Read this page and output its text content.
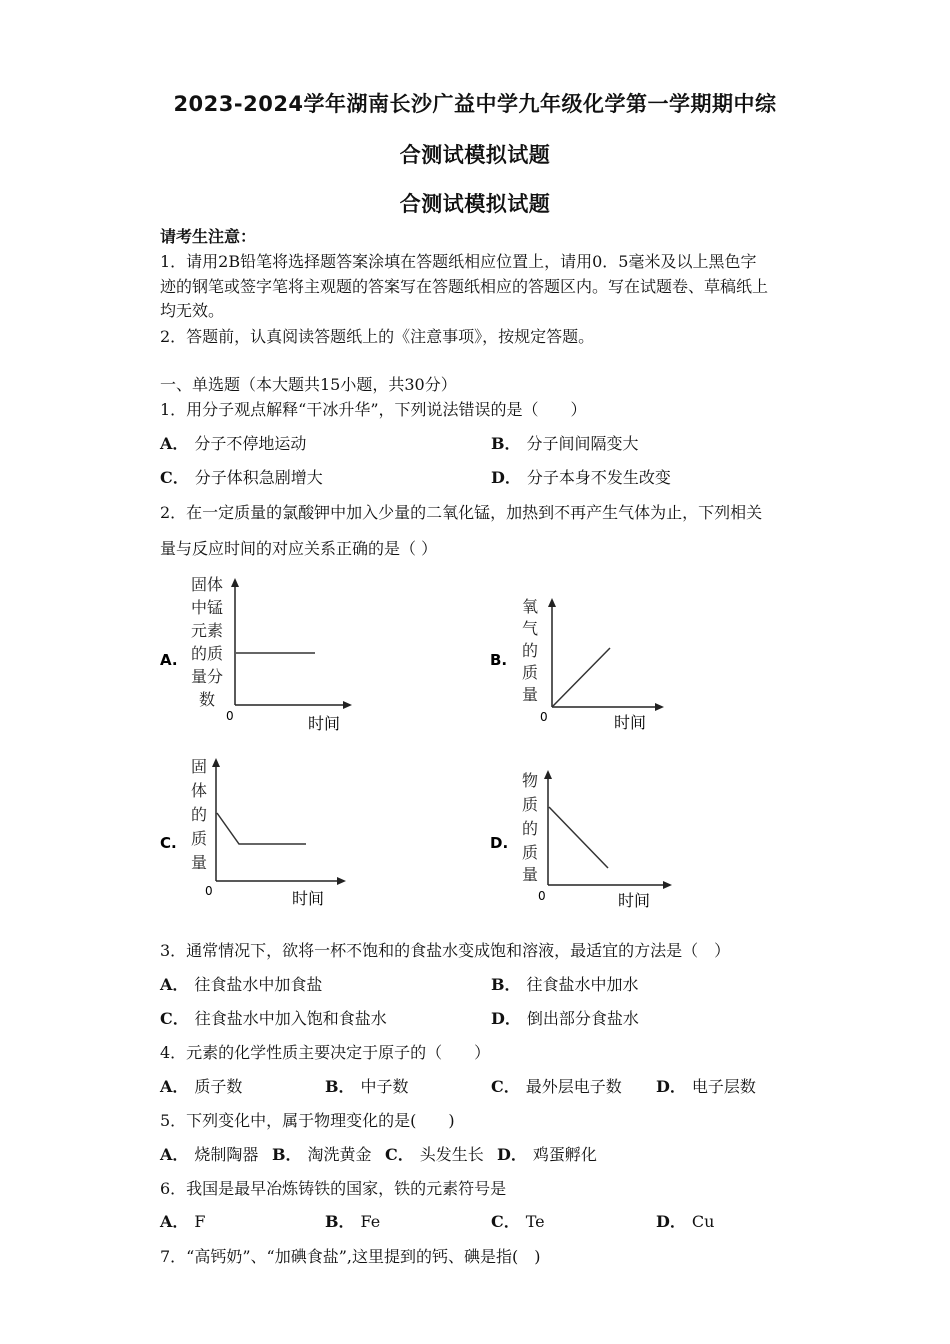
2023-2024学年湖南长沙广益中学九年级化学第一学期期中综
合测试模拟试题
合测试模拟试题
请考生注意：
1．请用2B铅笔将选择题答案涂填在答题纸相应位置上，请用0．5毫米及以上黑色字
迹的钢笔或签字笔将主观题的答案写在答题纸相应的答题区内。写在试题卷、草稿纸上
均无效。
2．答题前，认真阅读答题纸上的《注意事项》，按规定答题。
一、单选题（本大题共15小题，共30分）
1．用分子观点解释“干冰升华”，下列说法错误的是（　　）
A． 分子不停地运动	B． 分子间间隔变大
C． 分子体积急剧增大	D． 分子本身不发生改变
2．在一定质量的氯酸钾中加入少量的二氧化锰，加热到不再产生气体为止，下列相关
量与反应时间的对应关系正确的是（ ）
A.
固体
中锰
元素
的质
量分
数
0	时间
B.
氧
气
的
质
量
0	时间
C.
固
体
的
质
量
0	时间
D.
物
质
的
质
量
0	时间
3．通常情况下，欲将一杯不饱和的食盐水变成饱和溶液，最适宜的方法是（　）
A． 往食盐水中加食盐	B． 往食盐水中加水
C． 往食盐水中加入饱和食盐水	D． 倒出部分食盐水
4．元素的化学性质主要决定于原子的（　　）
A． 质子数	B． 中子数	C． 最外层电子数 D． 电子层数
5．下列变化中，属于物理变化的是(　　)
A． 烧制陶器 B． 淘洗黄金 C． 头发生长 D． 鸡蛋孵化
6．我国是最早冶炼铸铁的国家，铁的元素符号是
A． F	B． Fe	C． Te	D． Cu
7．“高钙奶”、“加碘食盐”,这里提到的钙、碘是指(　)
